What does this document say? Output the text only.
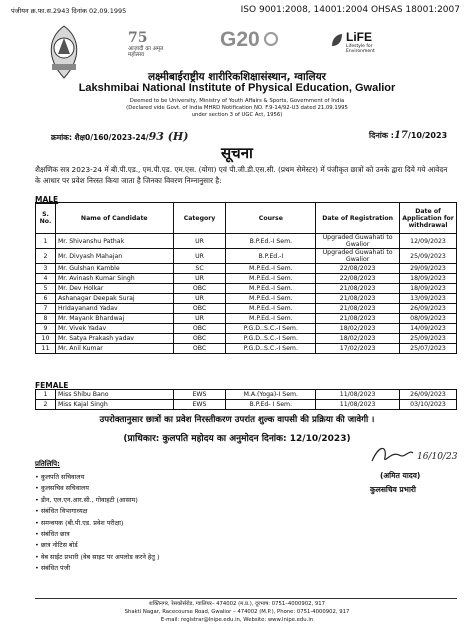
पंजीयन क्र.फा.स.2943 दिनांक 02.09.1995	ISO 9001:2008, 14001:2004 OHSAS 18001:2007
75
आज़ादी का अमृत महोत्सव
G20	LiFE
Lifestyle for Environment
लक्ष्मीबाईराष्ट्रीय शारीरिकशिक्षासंस्थान, ग्वालियर
Lakshmibai National Institute of Physical Education, Gwalior
Deemed to be University, Ministry of Youth Affairs & Sports, Government of India
(Declared vide Govt. of India MHRD Notification NO. F.9-14/92-U3 dated 21.09.1995
under section 3 of UGC Act, 1956)
क्रमांक: शैक्ष0/160/2023-24/93 (H)	दिनांक :17/10/2023
सूचना
शैक्षणिक सत्र 2023-24 में बी.पी.एड., एम.पी.एड. एम.एस. (योगा) एवं पी.जी.डी.एस.सी. (प्रथम सेमेस्टर) में पंजीकृत छात्रों को उनके द्वारा दिये गये आवेदन के आधार पर प्रवेश निरस्त किया जाता है जिनका विवरण निम्नानुसार है:
MALE
S. No.	Name of Candidate	Category	Course	Date of Registration	Date of Application for withdrawal
1	Mr. Shivanshu Pathak	UR	B.P.Ed.-I Sem.	Upgraded Guwahati to Gwalior	12/09/2023
2	Mr. Divyash Mahajan	UR	B.P.Ed.-I	Upgraded Guwahati to Gwalior	25/09/2023
3	Mr. Gulshan Kamble	SC	M.P.Ed.-I Sem.	22/08/2023	29/09/2023
4	Mr. Avinash Kumar Singh	UR	M.P.Ed.-I Sem.	22/08/2023	18/09/2023
5	Mr. Dev Holkar	OBC	M.P.Ed.-I Sem.	21/08/2023	18/09/2023
6	Ashanagar Deepak Suraj	UR	M.P.Ed.-I Sem.	21/08/2023	13/09/2023
7	Hridayanand Yadav	OBC	M.P.Ed.-I Sem.	21/08/2023	26/09/2023
8	Mr. Mayank Bhardwaj	UR	M.P.Ed.-I Sem.	21/08/2023	08/09/2023
9	Mr. Vivek Yadav	OBC	P.G.D..S.C.-I Sem.	18/02/2023	14/09/2023
10	Mr. Satya Prakash yadav	OBC	P.G.D..S.C.-I Sem.	18/02/2023	25/09/2023
11	Mr. Anil Kumar	OBC	P.G.D..S.C.-I Sem.	17/02/2023	25/07/2023
FEMALE
1	Miss Shibu Bano	EWS	M.A.(Yoga)-I Sem.	11/08/2023	26/09/2023
2	Miss Kajal Singh	EWS	B.P.Ed- I Sem.	11/08/2023	03/10/2023
उपरोक्तानुसार छात्रों का प्रवेश निरस्तीकरण उपरांत शुल्क वापसी की प्रक्रिया की जावेगी ।
(प्राधिकार: कुलपति महोदय का अनुमोदन दिनांक: 12/10/2023)
16/10/23
(अमित यादव)
कुलसचिव प्रभारी
प्रतिलिपि:
• कुलपति सचिवालय
• कुलसचिव सचिवालय
• डीन, एल.एन.आर.सी., गोवाहटी (आसाम)
• संबंधित विभागाध्यक्ष
• समन्वयक (बी.पी.एड. प्रवेश परीक्षा)
• संबंधित छात्र
• छात्र नोटिस बोर्ड
• वेब साईट प्रभारी (वेब साइट पर अपलोड करने हेतु )
• संबंधित पंजी
शक्तिनगर, रेसकोर्सरोड, ग्वालियर– 474002 (म.प्र.), दूरभाष: 0751–4000902, 917
Shakti Nagar, Racecourse Road, Gwalior – 474002 (M.P.), Phone: 0751-4000902, 917
E-mail: registrar@lnipe.edu.in, Website: www.lnipe.edu.in
